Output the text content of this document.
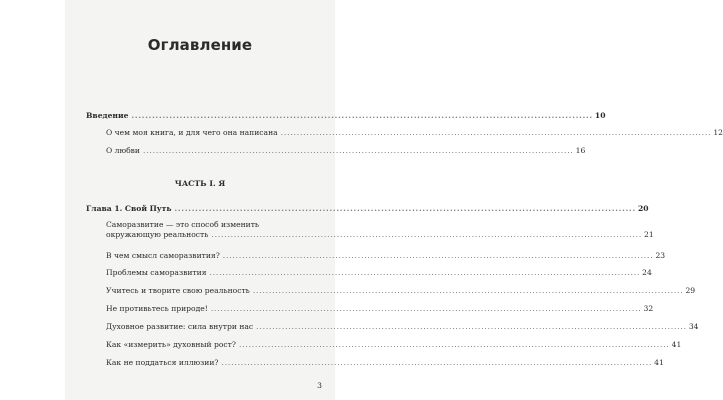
Оглавление
Введение ...................................................................................................................................... 10
О чем моя книга, и для чего она написана ...................................................................................................................................... 12
О любви ...................................................................................................................................... 16
ЧАСТЬ I. Я
Глава 1. Свой Путь ...................................................................................................................................... 20
Саморазвитие — это способ изменить
окружающую реальность ...................................................................................................................................... 21
В чем смысл саморазвития? ...................................................................................................................................... 23
Проблемы саморазвития ...................................................................................................................................... 24
Учитесь и творите свою реальность ...................................................................................................................................... 29
Не противьтесь природе! ...................................................................................................................................... 32
Духовное развитие: сила внутри нас ...................................................................................................................................... 34
Как «измерить» духовный рост? ...................................................................................................................................... 41
Как не поддаться иллюзии? ...................................................................................................................................... 41
3
